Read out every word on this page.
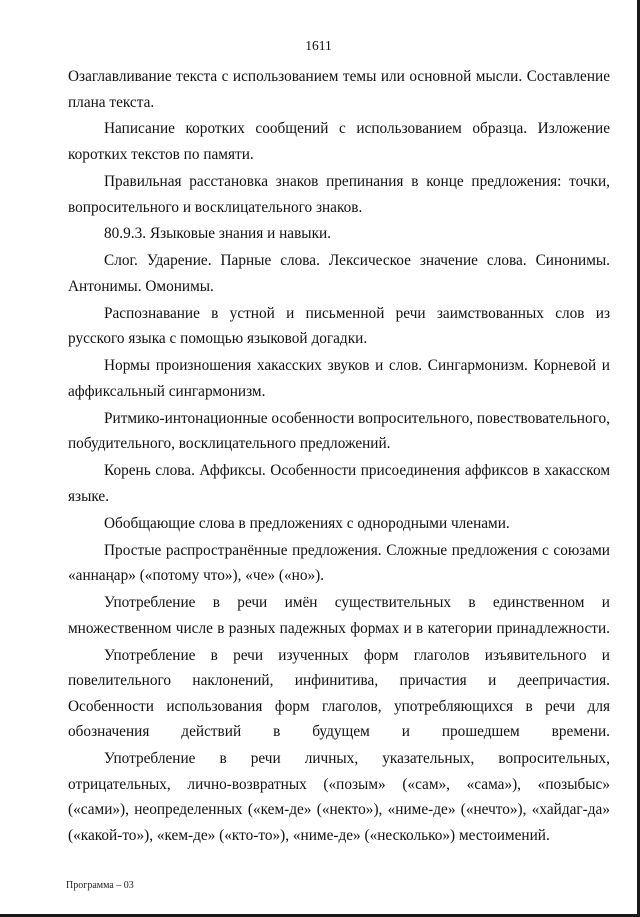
1611

Озаглавливание текста с использованием темы или основной мысли. Составление плана текста.

Написание коротких сообщений с использованием образца. Изложение коротких текстов по памяти.

Правильная расстановка знаков препинания в конце предложения: точки, вопросительного и восклицательного знаков.

80.9.3. Языковые знания и навыки.

Слог. Ударение. Парные слова. Лексическое значение слова. Синонимы. Антонимы. Омонимы.

Распознавание в устной и письменной речи заимствованных слов из русского языка с помощью языковой догадки.

Нормы произношения хакасских звуков и слов. Сингармонизм. Корневой и аффиксальный сингармонизм.

Ритмико-интонационные особенности вопросительного, повествовательного, побудительного, восклицательного предложений.

Корень слова. Аффиксы. Особенности присоединения аффиксов в хакасском языке.

Обобщающие слова в предложениях с однородными членами.

Простые распространённые предложения. Сложные предложения с союзами «аннаңар» («потому что»), «че» («но»).

Употребление в речи имён существительных в единственном и множественном числе в разных падежных формах и в категории принадлежности.

Употребление в речи изученных форм глаголов изъявительного и повелительного наклонений, инфинитива, причастия и деепричастия. Особенности использования форм глаголов, употребляющихся в речи для обозначения действий в будущем и прошедшем времени.

Употребление в речи личных, указательных, вопросительных, отрицательных, лично-возвратных («позым» («сам», «сама»), «позыбыс» («сами»), неопределенных («кем-де» («некто»), «ниме-де» («нечто»), «хайдаг-да» («какой-то»), «кем-де» («кто-то»), «ниме-де» («несколько») местоимений.

Программа – 03
